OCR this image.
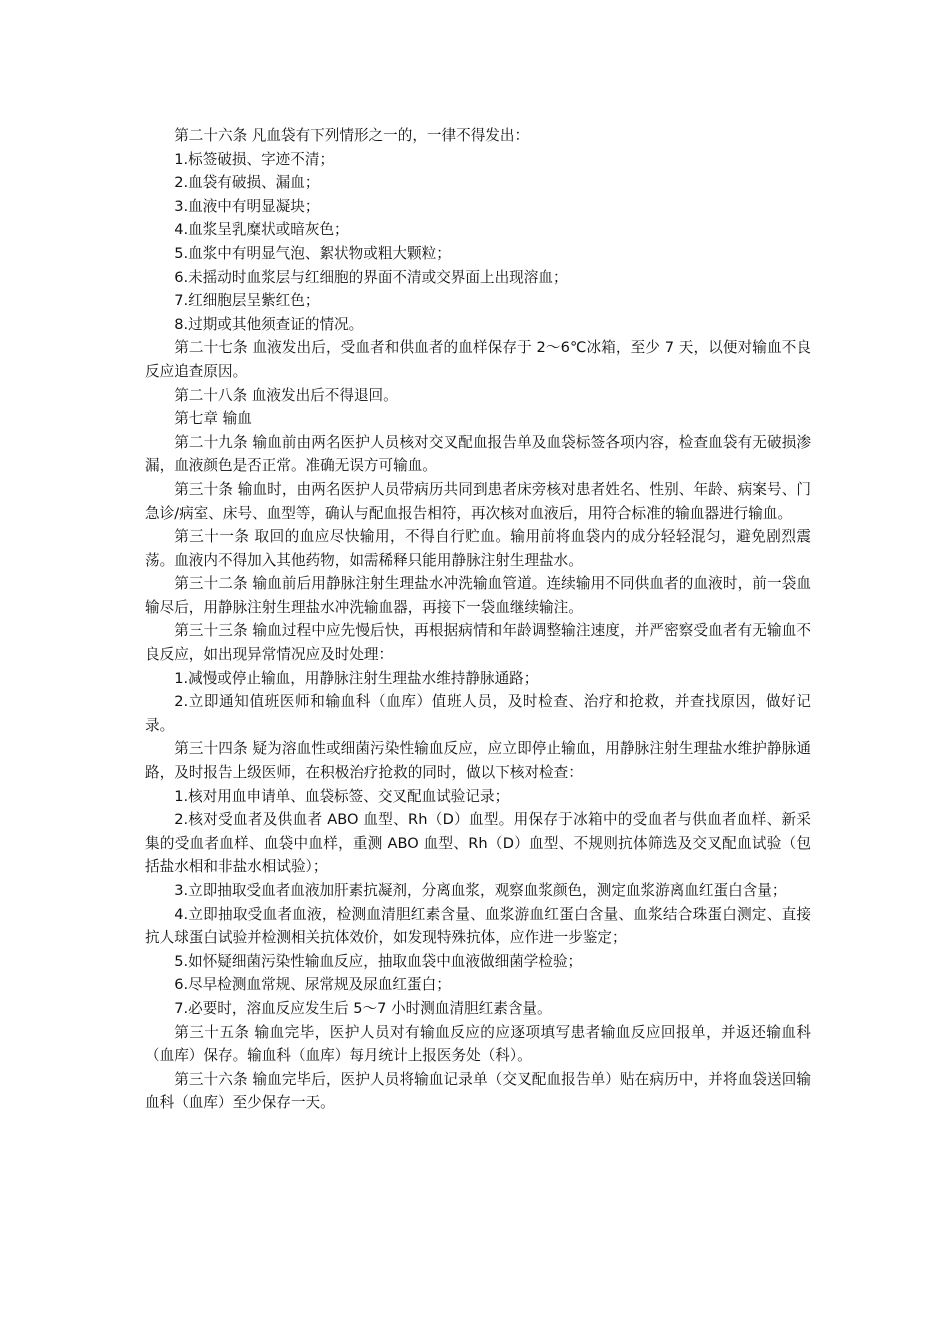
第二十六条 凡血袋有下列情形之一的，一律不得发出：

1.标签破损、字迹不清；

2.血袋有破损、漏血；

3.血液中有明显凝块；

4.血浆呈乳糜状或暗灰色；

5.血浆中有明显气泡、絮状物或粗大颗粒；

6.未摇动时血浆层与红细胞的界面不清或交界面上出现溶血；

7.红细胞层呈紫红色；

8.过期或其他须查证的情况。

第二十七条 血液发出后，受血者和供血者的血样保存于 2～6℃冰箱，至少 7 天，以便对输血不良反应追查原因。

第二十八条 血液发出后不得退回。

第七章 输血

第二十九条 输血前由两名医护人员核对交叉配血报告单及血袋标签各项内容，检查血袋有无破损渗漏，血液颜色是否正常。准确无误方可输血。

第三十条 输血时，由两名医护人员带病历共同到患者床旁核对患者姓名、性别、年龄、病案号、门急诊/病室、床号、血型等，确认与配血报告相符，再次核对血液后，用符合标准的输血器进行输血。

第三十一条 取回的血应尽快输用，不得自行贮血。输用前将血袋内的成分轻轻混匀，避免剧烈震荡。血液内不得加入其他药物，如需稀释只能用静脉注射生理盐水。

第三十二条 输血前后用静脉注射生理盐水冲洗输血管道。连续输用不同供血者的血液时，前一袋血输尽后，用静脉注射生理盐水冲洗输血器，再接下一袋血继续输注。

第三十三条 输血过程中应先慢后快，再根据病情和年龄调整输注速度，并严密察受血者有无输血不良反应，如出现异常情况应及时处理：

1.减慢或停止输血，用静脉注射生理盐水维持静脉通路；

2.立即通知值班医师和输血科（血库）值班人员，及时检查、治疗和抢救，并查找原因，做好记录。

第三十四条 疑为溶血性或细菌污染性输血反应，应立即停止输血，用静脉注射生理盐水维护静脉通路，及时报告上级医师，在积极治疗抢救的同时，做以下核对检查：

1.核对用血申请单、血袋标签、交叉配血试验记录；

2.核对受血者及供血者 ABO 血型、Rh（D）血型。用保存于冰箱中的受血者与供血者血样、新采集的受血者血样、血袋中血样，重测 ABO 血型、Rh（D）血型、不规则抗体筛选及交叉配血试验（包括盐水相和非盐水相试验）；

3.立即抽取受血者血液加肝素抗凝剂，分离血浆，观察血浆颜色，测定血浆游离血红蛋白含量；

4.立即抽取受血者血液，检测血清胆红素含量、血浆游血红蛋白含量、血浆结合珠蛋白测定、直接抗人球蛋白试验并检测相关抗体效价，如发现特殊抗体，应作进一步鉴定；

5.如怀疑细菌污染性输血反应，抽取血袋中血液做细菌学检验；

6.尽早检测血常规、尿常规及尿血红蛋白；

7.必要时，溶血反应发生后 5～7 小时测血清胆红素含量。

第三十五条 输血完毕，医护人员对有输血反应的应逐项填写患者输血反应回报单，并返还输血科（血库）保存。输血科（血库）每月统计上报医务处（科）。

第三十六条 输血完毕后，医护人员将输血记录单（交叉配血报告单）贴在病历中，并将血袋送回输血科（血库）至少保存一天。
